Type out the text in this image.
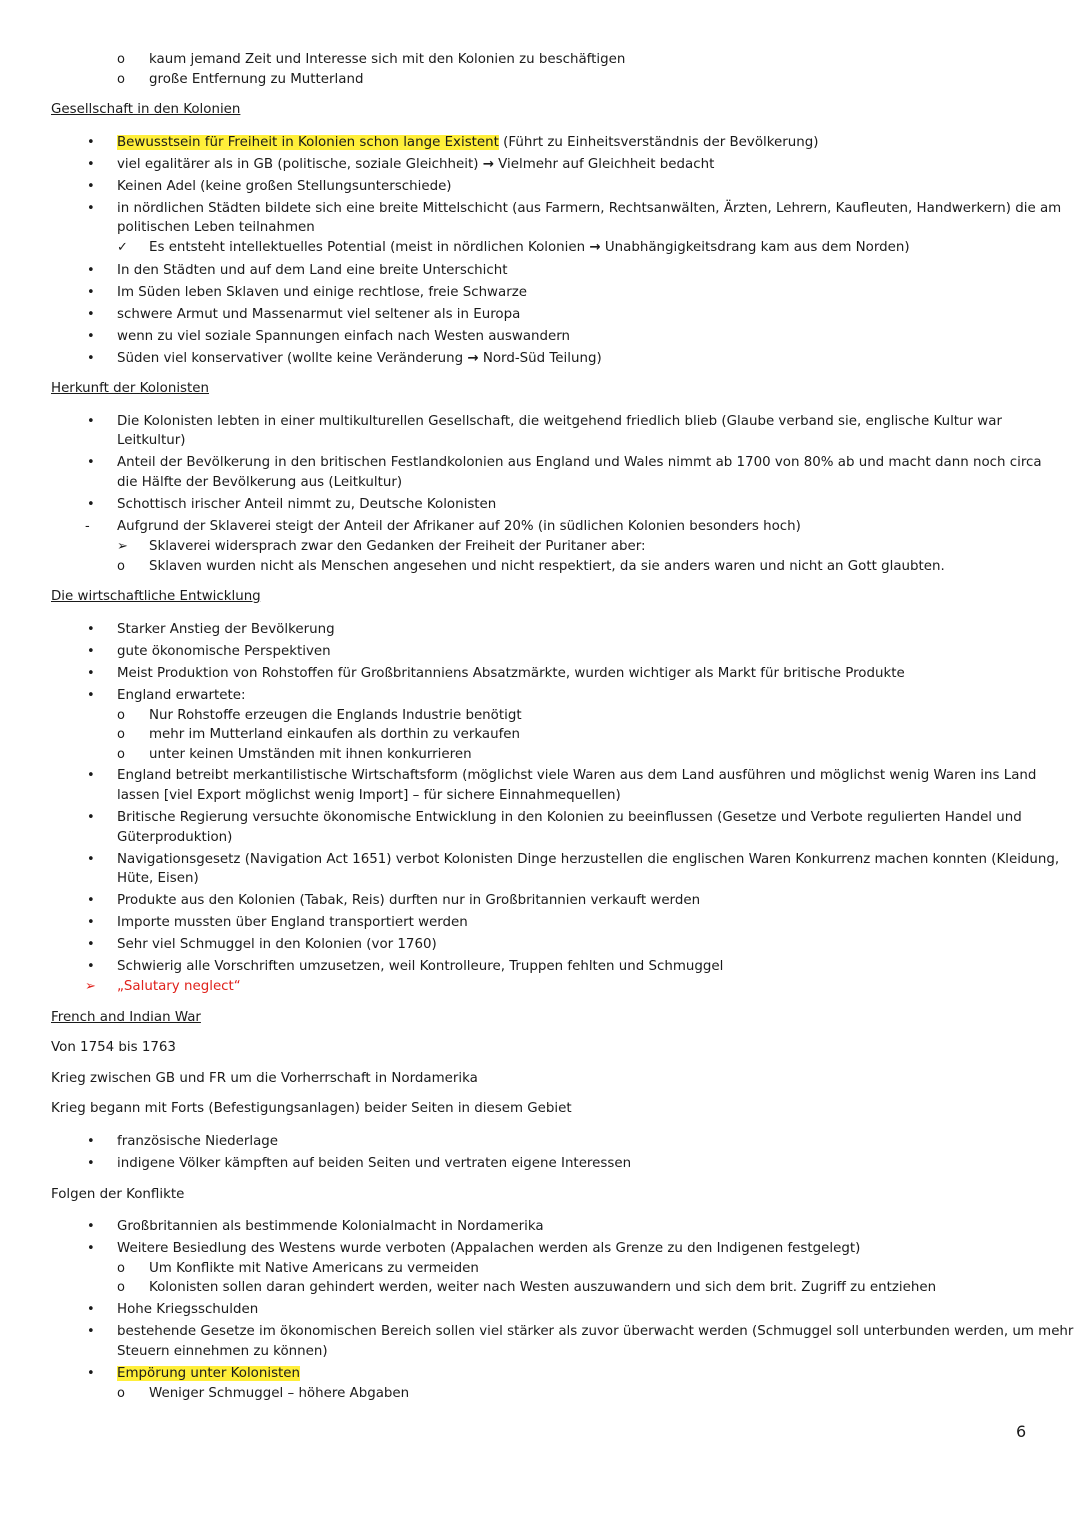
o kaum jemand Zeit und Interesse sich mit den Kolonien zu beschäftigen
o große Entfernung zu Mutterland
Gesellschaft in den Kolonien
• Bewusstsein für Freiheit in Kolonien schon lange Existent (Führt zu Einheitsverständnis der Bevölkerung)
• viel egalitärer als in GB (politische, soziale Gleichheit) → Vielmehr auf Gleichheit bedacht
• Keinen Adel (keine großen Stellungsunterschiede)
• in nördlichen Städten bildete sich eine breite Mittelschicht (aus Farmern, Rechtsanwälten, Ärzten, Lehrern, Kaufleuten, Handwerkern) die am
politischen Leben teilnahmen
✓ Es entsteht intellektuelles Potential (meist in nördlichen Kolonien → Unabhängigkeitsdrang kam aus dem Norden)
• In den Städten und auf dem Land eine breite Unterschicht
• Im Süden leben Sklaven und einige rechtlose, freie Schwarze
• schwere Armut und Massenarmut viel seltener als in Europa
• wenn zu viel soziale Spannungen einfach nach Westen auswandern
• Süden viel konservativer (wollte keine Veränderung → Nord-Süd Teilung)
Herkunft der Kolonisten
• Die Kolonisten lebten in einer multikulturellen Gesellschaft, die weitgehend friedlich blieb (Glaube verband sie, englische Kultur war
Leitkultur)
• Anteil der Bevölkerung in den britischen Festlandkolonien aus England und Wales nimmt ab 1700 von 80% ab und macht dann noch circa
die Hälfte der Bevölkerung aus (Leitkultur)
• Schottisch irischer Anteil nimmt zu, Deutsche Kolonisten
- Aufgrund der Sklaverei steigt der Anteil der Afrikaner auf 20% (in südlichen Kolonien besonders hoch)
➢ Sklaverei widersprach zwar den Gedanken der Freiheit der Puritaner aber:
o Sklaven wurden nicht als Menschen angesehen und nicht respektiert, da sie anders waren und nicht an Gott glaubten.
Die wirtschaftliche Entwicklung
• Starker Anstieg der Bevölkerung
• gute ökonomische Perspektiven
• Meist Produktion von Rohstoffen für Großbritanniens Absatzmärkte, wurden wichtiger als Markt für britische Produkte
• England erwartete:
o Nur Rohstoffe erzeugen die Englands Industrie benötigt
o mehr im Mutterland einkaufen als dorthin zu verkaufen
o unter keinen Umständen mit ihnen konkurrieren
• England betreibt merkantilistische Wirtschaftsform (möglichst viele Waren aus dem Land ausführen und möglichst wenig Waren ins Land
lassen [viel Export möglichst wenig Import] – für sichere Einnahmequellen)
• Britische Regierung versuchte ökonomische Entwicklung in den Kolonien zu beeinflussen (Gesetze und Verbote regulierten Handel und
Güterproduktion)
• Navigationsgesetz (Navigation Act 1651) verbot Kolonisten Dinge herzustellen die englischen Waren Konkurrenz machen konnten (Kleidung,
Hüte, Eisen)
• Produkte aus den Kolonien (Tabak, Reis) durften nur in Großbritannien verkauft werden
• Importe mussten über England transportiert werden
• Sehr viel Schmuggel in den Kolonien (vor 1760)
• Schwierig alle Vorschriften umzusetzen, weil Kontrolleure, Truppen fehlten und Schmuggel
➢ „Salutary neglect“
French and Indian War
Von 1754 bis 1763
Krieg zwischen GB und FR um die Vorherrschaft in Nordamerika
Krieg begann mit Forts (Befestigungsanlagen) beider Seiten in diesem Gebiet
• französische Niederlage
• indigene Völker kämpften auf beiden Seiten und vertraten eigene Interessen
Folgen der Konflikte
• Großbritannien als bestimmende Kolonialmacht in Nordamerika
• Weitere Besiedlung des Westens wurde verboten (Appalachen werden als Grenze zu den Indigenen festgelegt)
o Um Konflikte mit Native Americans zu vermeiden
o Kolonisten sollen daran gehindert werden, weiter nach Westen auszuwandern und sich dem brit. Zugriff zu entziehen
• Hohe Kriegsschulden
• bestehende Gesetze im ökonomischen Bereich sollen viel stärker als zuvor überwacht werden (Schmuggel soll unterbunden werden, um mehr
Steuern einnehmen zu können)
• Empörung unter Kolonisten
o Weniger Schmuggel – höhere Abgaben
6
